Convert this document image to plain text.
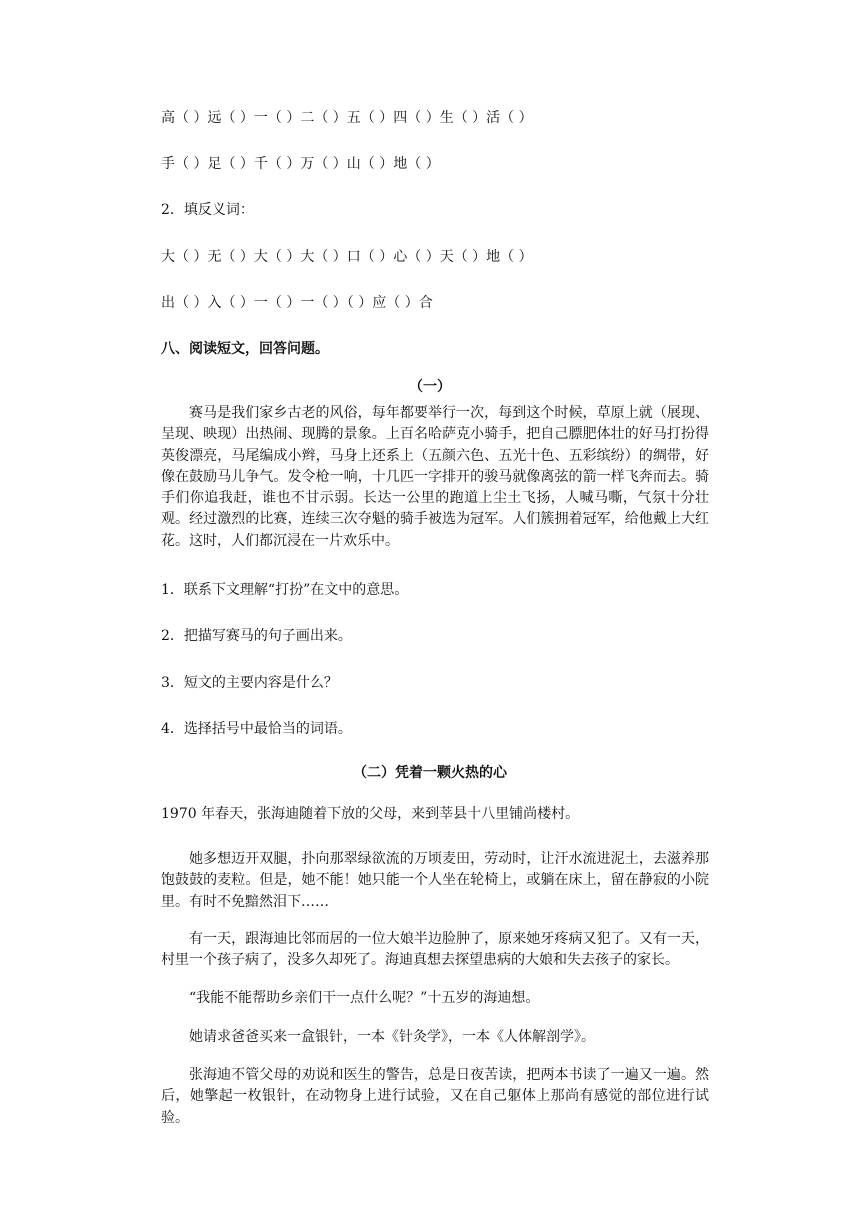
高（ ）远（ ）一（ ）二（ ）五（ ）四（ ）生（ ）活（ ）
手（ ）足（ ）千（ ）万（ ）山（ ）地（ ）
2．填反义词：
大（ ）无（ ）大（ ）大（ ）口（ ）心（ ）天（ ）地（ ）
出（ ）入（ ）一（ ）一（ ）（ ）应（ ）合
八、阅读短文，回答问题。
（一）
赛马是我们家乡古老的风俗，每年都要举行一次，每到这个时候，草原上就（展现、呈现、映现）出热闹、现腾的景象。上百名哈萨克小骑手，把自己膘肥体壮的好马打扮得英俊漂亮，马尾编成小辫，马身上还系上（五颜六色、五光十色、五彩缤纷）的绸带，好像在鼓励马儿争气。发令枪一响，十几匹一字排开的骏马就像离弦的箭一样飞奔而去。骑手们你追我赶，谁也不甘示弱。长达一公里的跑道上尘土飞扬，人喊马嘶，气氛十分壮观。经过激烈的比赛，连续三次夺魁的骑手被选为冠军。人们簇拥着冠军，给他戴上大红花。这时，人们都沉浸在一片欢乐中。
1．联系下文理解“打扮”在文中的意思。
2．把描写赛马的句子画出来。
3．短文的主要内容是什么？
4．选择括号中最恰当的词语。
（二）凭着一颗火热的心
1970 年春天，张海迪随着下放的父母，来到莘县十八里铺尚楼村。
她多想迈开双腿，扑向那翠绿欲流的万顷麦田，劳动时，让汗水流进泥土，去滋养那饱鼓鼓的麦粒。但是，她不能！她只能一个人坐在轮椅上，或躺在床上，留在静寂的小院里。有时不免黯然泪下……
有一天，跟海迪比邻而居的一位大娘半边脸肿了，原来她牙疼病又犯了。又有一天，村里一个孩子病了，没多久却死了。海迪真想去探望患病的大娘和失去孩子的家长。
“我能不能帮助乡亲们干一点什么呢？”十五岁的海迪想。
她请求爸爸买来一盒银针，一本《针灸学》，一本《人体解剖学》。
张海迪不管父母的劝说和医生的警告，总是日夜苦读，把两本书读了一遍又一遍。然后，她擎起一枚银针，在动物身上进行试验，又在自己躯体上那尚有感觉的部位进行试验。
